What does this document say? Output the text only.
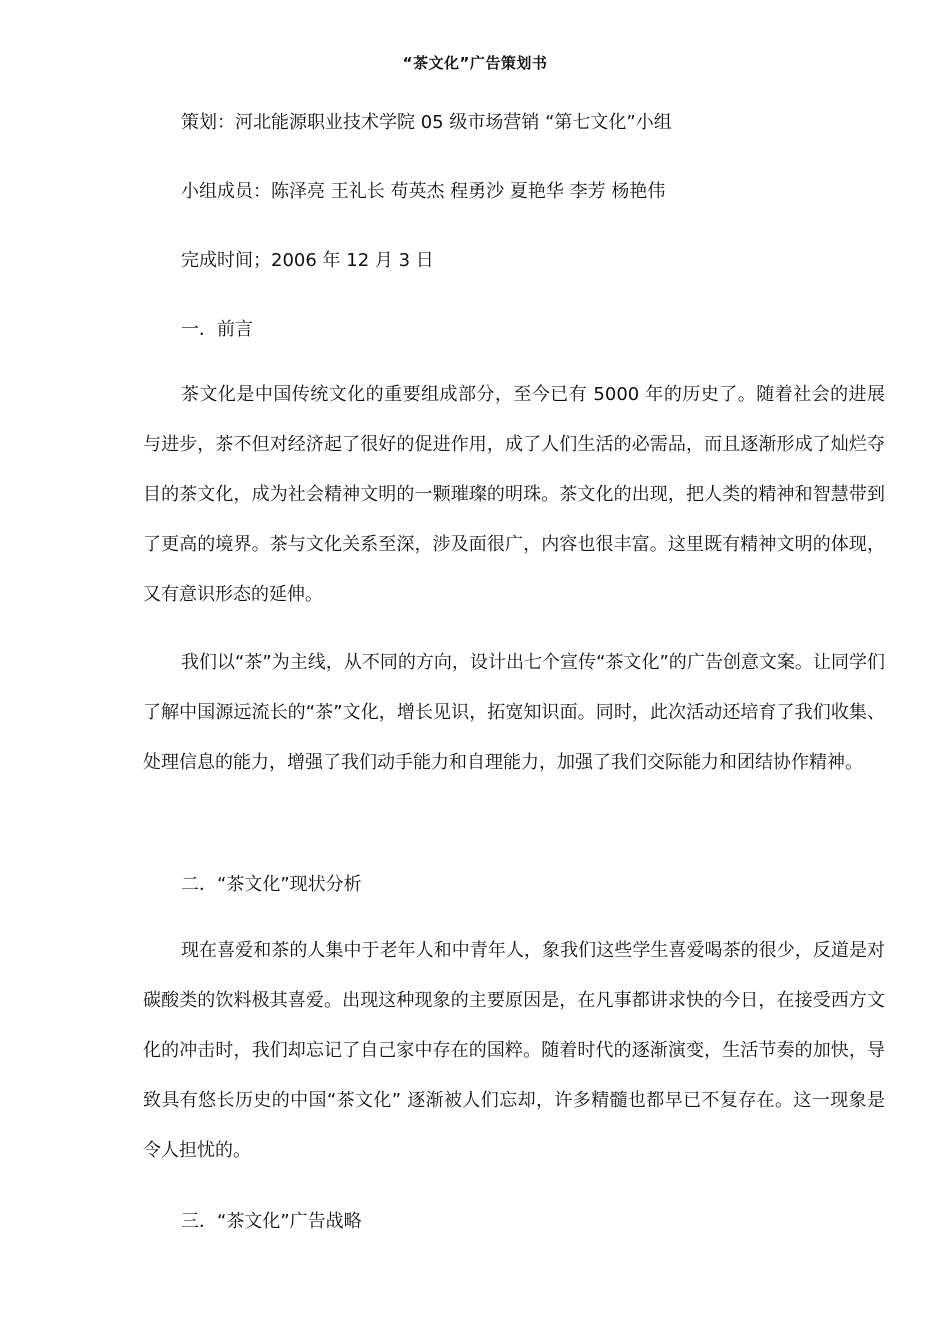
“茶文化”广告策划书
策划：河北能源职业技术学院 05 级市场营销 “第七文化”小组
小组成员：陈泽亮 王礼长 苟英杰 程勇沙 夏艳华 李芳 杨艳伟
完成时间；2006 年 12 月 3 日
一．前言

茶文化是中国传统文化的重要组成部分，至今已有 5000 年的历史了。随着社会的进展与进步，茶不但对经济起了很好的促进作用，成了人们生活的必需品，而且逐渐形成了灿烂夺目的茶文化，成为社会精神文明的一颗璀璨的明珠。茶文化的出现，把人类的精神和智慧带到了更高的境界。茶与文化关系至深，涉及面很广，内容也很丰富。这里既有精神文明的体现，又有意识形态的延伸。

我们以“茶”为主线，从不同的方向，设计出七个宣传“茶文化”的广告创意文案。让同学们了解中国源远流长的“茶”文化，增长见识，拓宽知识面。同时，此次活动还培育了我们收集、处理信息的能力，增强了我们动手能力和自理能力，加强了我们交际能力和团结协作精神。

二．“茶文化”现状分析

现在喜爱和茶的人集中于老年人和中青年人，象我们这些学生喜爱喝茶的很少，反道是对碳酸类的饮料极其喜爱。出现这种现象的主要原因是，在凡事都讲求快的今日，在接受西方文化的冲击时，我们却忘记了自己家中存在的国粹。随着时代的逐渐演变，生活节奏的加快，导致具有悠长历史的中国“茶文化” 逐渐被人们忘却，许多精髓也都早已不复存在。这一现象是令人担忧的。

三．“茶文化”广告战略
